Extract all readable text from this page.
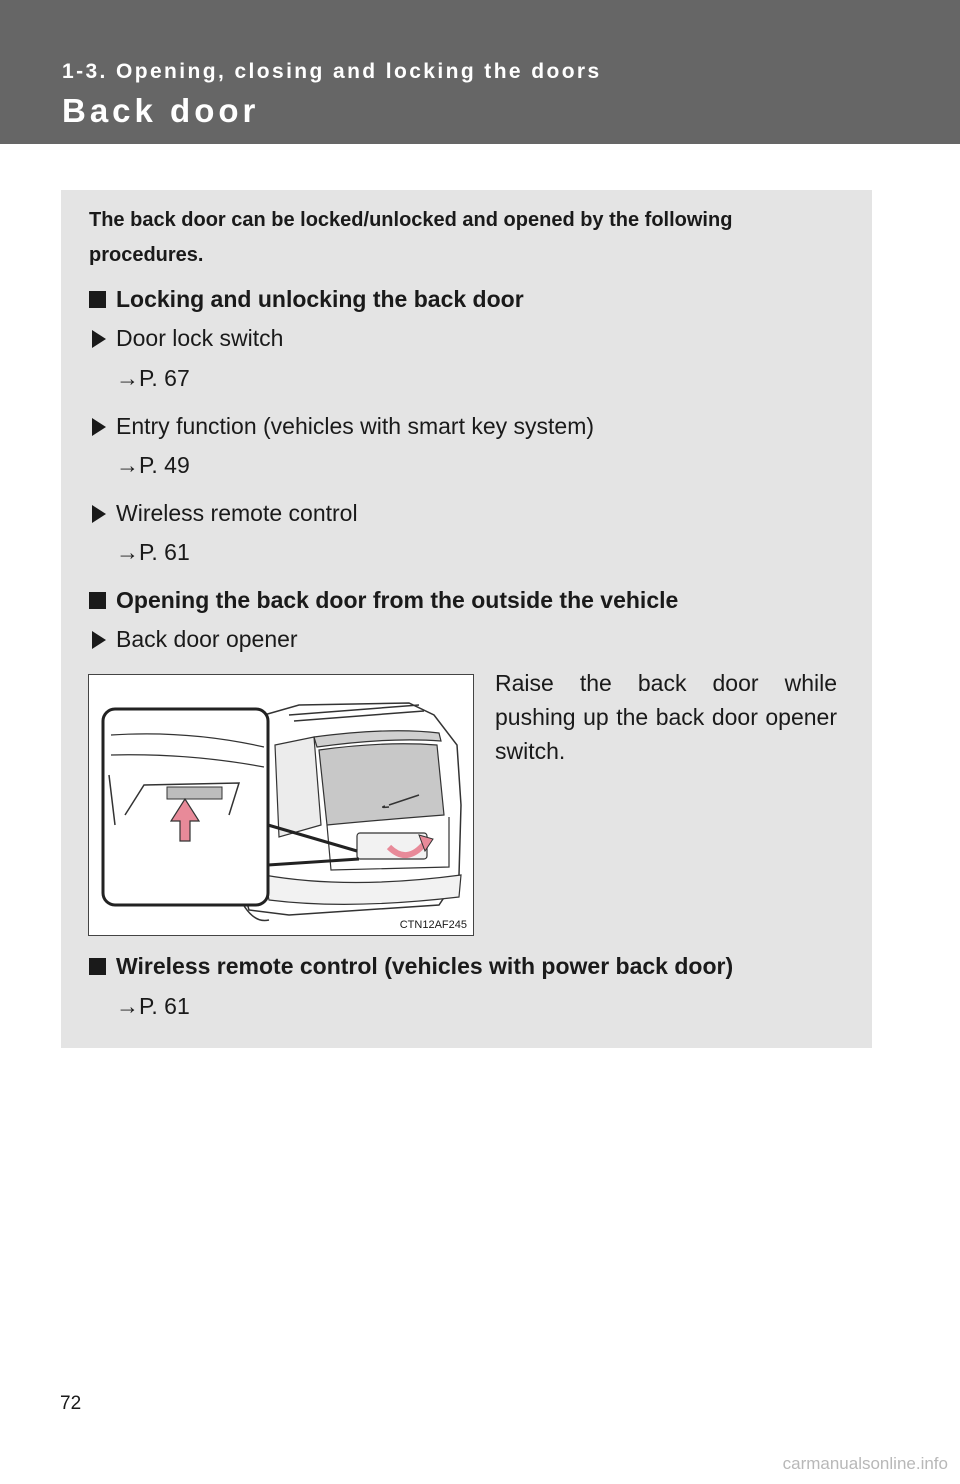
1-3. Opening, closing and locking the doors
Back door
The back door can be locked/unlocked and opened by the following procedures.
Locking and unlocking the back door
Door lock switch
→P. 67
Entry function (vehicles with smart key system)
→P. 49
Wireless remote control
→P. 61
Opening the back door from the outside the vehicle
Back door opener
Raise the back door while pushing up the back door opener switch.
CTN12AF245
Wireless remote control (vehicles with power back door)
→P. 61
72
carmanualsonline.info
